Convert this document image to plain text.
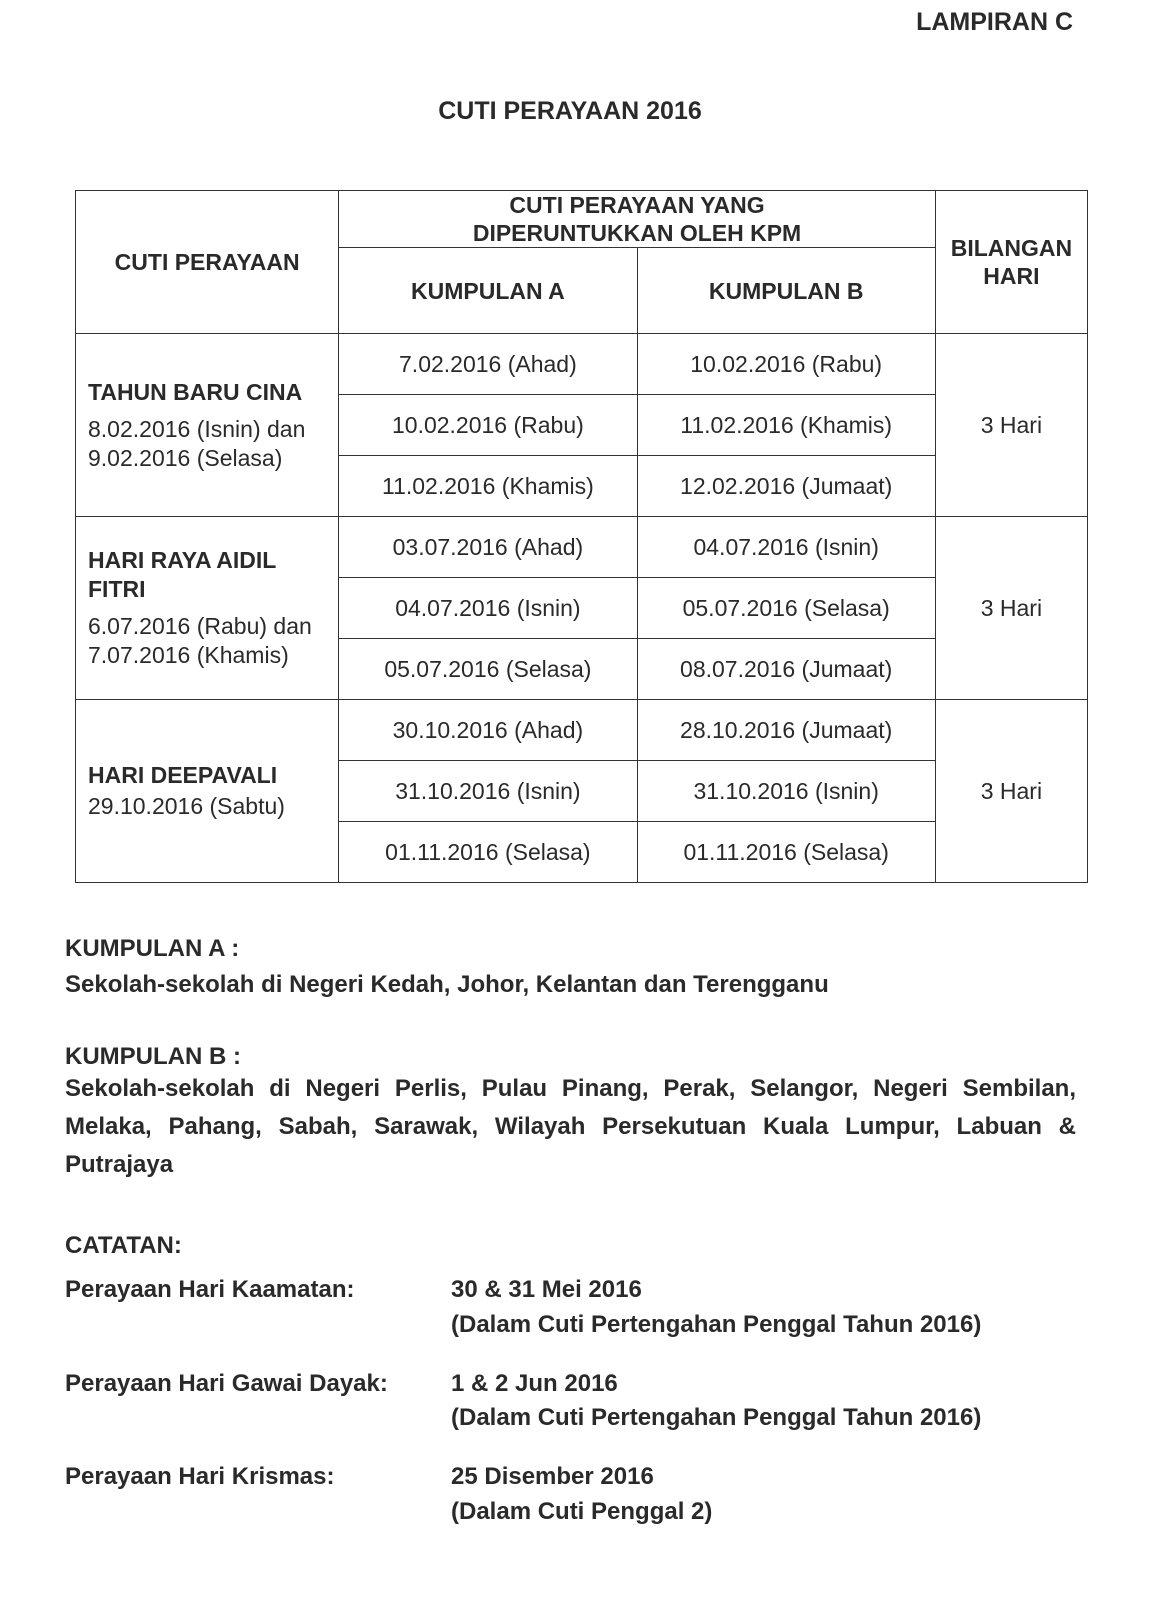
LAMPIRAN C
CUTI PERAYAAN 2016
CUTI PERAYAAN	CUTI PERAYAAN YANG DIPERUNTUKKAN OLEH KPM		BILANGAN HARI
	KUMPULAN A	KUMPULAN B	

TAHUN BARU CINA
8.02.2016 (Isnin) dan 9.02.2016 (Selasa)	7.02.2016 (Ahad)	10.02.2016 (Rabu)	3 Hari
	10.02.2016 (Rabu)	11.02.2016 (Khamis)	
	11.02.2016 (Khamis)	12.02.2016 (Jumaat)	

HARI RAYA AIDIL FITRI
6.07.2016 (Rabu) dan 7.07.2016 (Khamis)	03.07.2016 (Ahad)	04.07.2016 (Isnin)	3 Hari
	04.07.2016 (Isnin)	05.07.2016 (Selasa)	
	05.07.2016 (Selasa)	08.07.2016 (Jumaat)	

HARI DEEPAVALI
29.10.2016 (Sabtu)	30.10.2016 (Ahad)	28.10.2016 (Jumaat)	3 Hari
	31.10.2016 (Isnin)	31.10.2016 (Isnin)	
	01.11.2016 (Selasa)	01.11.2016 (Selasa)	
KUMPULAN A :
Sekolah-sekolah di Negeri Kedah, Johor, Kelantan dan Terengganu
KUMPULAN B :
Sekolah-sekolah di Negeri Perlis, Pulau Pinang, Perak, Selangor, Negeri Sembilan, Melaka, Pahang, Sabah, Sarawak, Wilayah Persekutuan Kuala Lumpur, Labuan & Putrajaya
CATATAN:
Perayaan Hari Kaamatan:	30 & 31 Mei 2016
(Dalam Cuti Pertengahan Penggal Tahun 2016)
Perayaan Hari Gawai Dayak:	1 & 2 Jun 2016
(Dalam Cuti Pertengahan Penggal Tahun 2016)
Perayaan Hari Krismas:	25 Disember 2016
(Dalam Cuti Penggal 2)
